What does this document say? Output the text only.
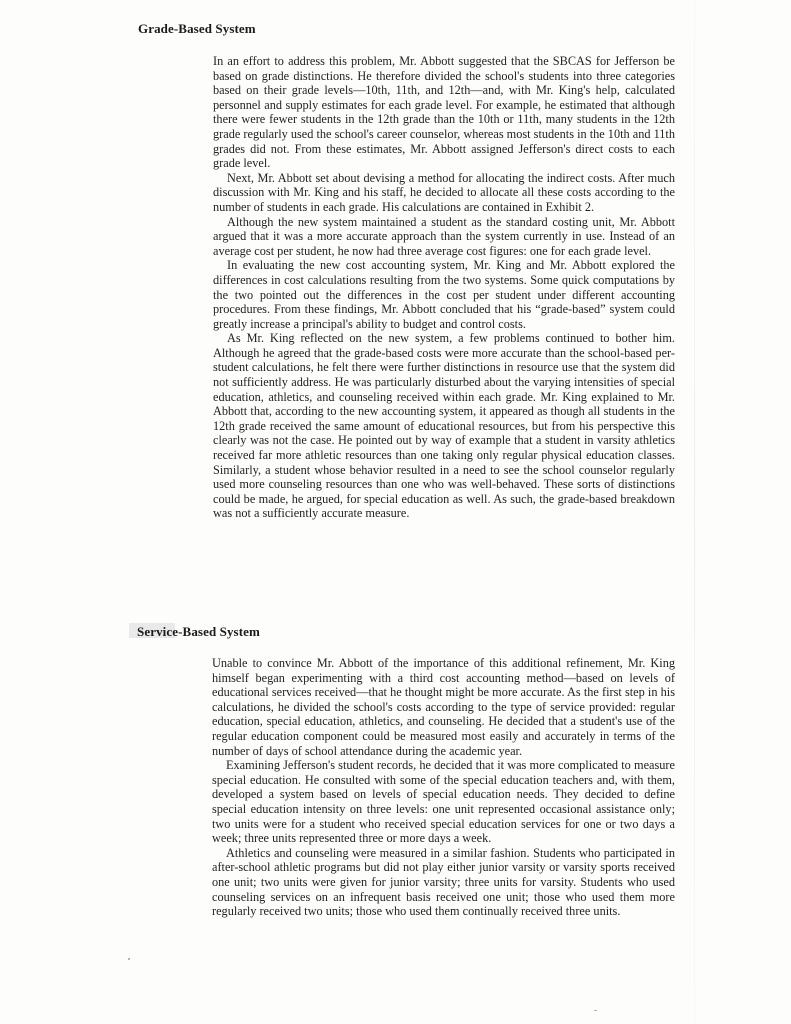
Grade-Based System

In an effort to address this problem, Mr. Abbott suggested that the SBCAS for Jefferson be based on grade distinctions. He therefore divided the school's students into three categories based on their grade levels—10th, 11th, and 12th—and, with Mr. King's help, calculated personnel and supply estimates for each grade level. For example, he estimated that although there were fewer students in the 12th grade than the 10th or 11th, many students in the 12th grade regularly used the school's career counselor, whereas most students in the 10th and 11th grades did not. From these estimates, Mr. Abbott assigned Jefferson's direct costs to each grade level.

Next, Mr. Abbott set about devising a method for allocating the indirect costs. After much discussion with Mr. King and his staff, he decided to allocate all these costs according to the number of students in each grade. His calculations are contained in Exhibit 2.

Although the new system maintained a student as the standard costing unit, Mr. Abbott argued that it was a more accurate approach than the system currently in use. Instead of an average cost per student, he now had three average cost figures: one for each grade level.

In evaluating the new cost accounting system, Mr. King and Mr. Abbott explored the differences in cost calculations resulting from the two systems. Some quick computations by the two pointed out the differences in the cost per student under different accounting procedures. From these findings, Mr. Abbott concluded that his “grade-based” system could greatly increase a principal's ability to budget and control costs.

As Mr. King reflected on the new system, a few problems continued to bother him. Although he agreed that the grade-based costs were more accurate than the school-based per-student calculations, he felt there were further distinctions in resource use that the system did not sufficiently address. He was particularly disturbed about the varying intensities of special education, athletics, and counseling received within each grade. Mr. King explained to Mr. Abbott that, according to the new accounting system, it appeared as though all students in the 12th grade received the same amount of educational resources, but from his perspective this clearly was not the case. He pointed out by way of example that a student in varsity athletics received far more athletic resources than one taking only regular physical education classes. Similarly, a student whose behavior resulted in a need to see the school counselor regularly used more counseling resources than one who was well-behaved. These sorts of distinctions could be made, he argued, for special education as well. As such, the grade-based breakdown was not a sufficiently accurate measure.

Service-Based System

Unable to convince Mr. Abbott of the importance of this additional refinement, Mr. King himself began experimenting with a third cost accounting method—based on levels of educational services received—that he thought might be more accurate. As the first step in his calculations, he divided the school's costs according to the type of service provided: regular education, special education, athletics, and counseling. He decided that a student's use of the regular education component could be measured most easily and accurately in terms of the number of days of school attendance during the academic year.

Examining Jefferson's student records, he decided that it was more complicated to measure special education. He consulted with some of the special education teachers and, with them, developed a system based on levels of special education needs. They decided to define special education intensity on three levels: one unit represented occasional assistance only; two units were for a student who received special education services for one or two days a week; three units represented three or more days a week.

Athletics and counseling were measured in a similar fashion. Students who participated in after-school athletic programs but did not play either junior varsity or varsity sports received one unit; two units were given for junior varsity; three units for varsity. Students who used counseling services on an infrequent basis received one unit; those who used them more regularly received two units; those who used them continually received three units.
